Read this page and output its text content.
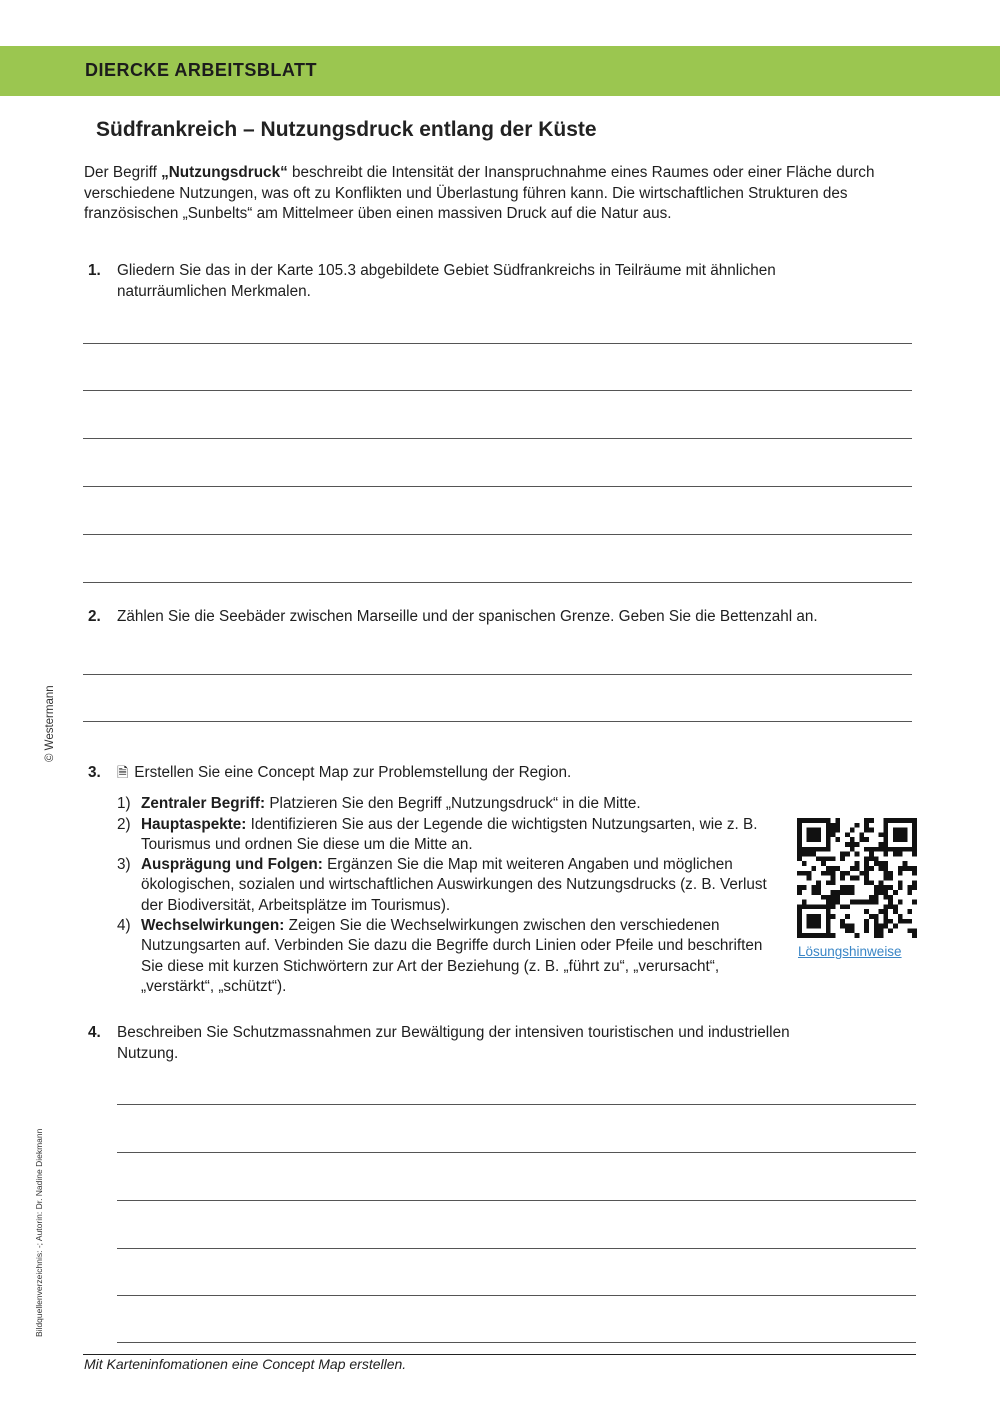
DIERCKE ARBEITSBLATT
Südfrankreich – Nutzungsdruck entlang der Küste
Der Begriff „Nutzungsdruck“ beschreibt die Intensität der Inanspruchnahme eines Raumes oder einer Fläche durch verschiedene Nutzungen, was oft zu Konflikten und Überlastung führen kann. Die wirtschaftlichen Strukturen des französischen „Sunbelts“ am Mittelmeer üben einen massiven Druck auf die Natur aus.
1. Gliedern Sie das in der Karte 105.3 abgebildete Gebiet Südfrankreichs in Teilräume mit ähnlichen
naturräumlichen Merkmalen.
2. Zählen Sie die Seebäder zwischen Marseille und der spanischen Grenze. Geben Sie die Bettenzahl an.
3. 🗎 Erstellen Sie eine Concept Map zur Problemstellung der Region.
1) Zentraler Begriff: Platzieren Sie den Begriff „Nutzungsdruck“ in die Mitte.
2) Hauptaspekte: Identifizieren Sie aus der Legende die wichtigsten Nutzungsarten, wie z. B. Tourismus und ordnen Sie diese um die Mitte an.
3) Ausprägung und Folgen: Ergänzen Sie die Map mit weiteren Angaben und möglichen ökologischen, sozialen und wirtschaftlichen Auswirkungen des Nutzungsdrucks (z. B. Verlust der Biodiversität, Arbeitsplätze im Tourismus).
4) Wechselwirkungen: Zeigen Sie die Wechselwirkungen zwischen den verschiedenen Nutzungsarten auf. Verbinden Sie dazu die Begriffe durch Linien oder Pfeile und beschriften Sie diese mit kurzen Stichwörtern zur Art der Beziehung (z. B. „führt zu“, „verursacht“, „verstärkt“, „schützt“).
Lösungshinweise
4. Beschreiben Sie Schutzmassnahmen zur Bewältigung der intensiven touristischen und industriellen
Nutzung.
Mit Karteninfomationen eine Concept Map erstellen.
© Westermann
Bildquellenverzeichnis: -; Autorin: Dr. Nadine Diekmann
